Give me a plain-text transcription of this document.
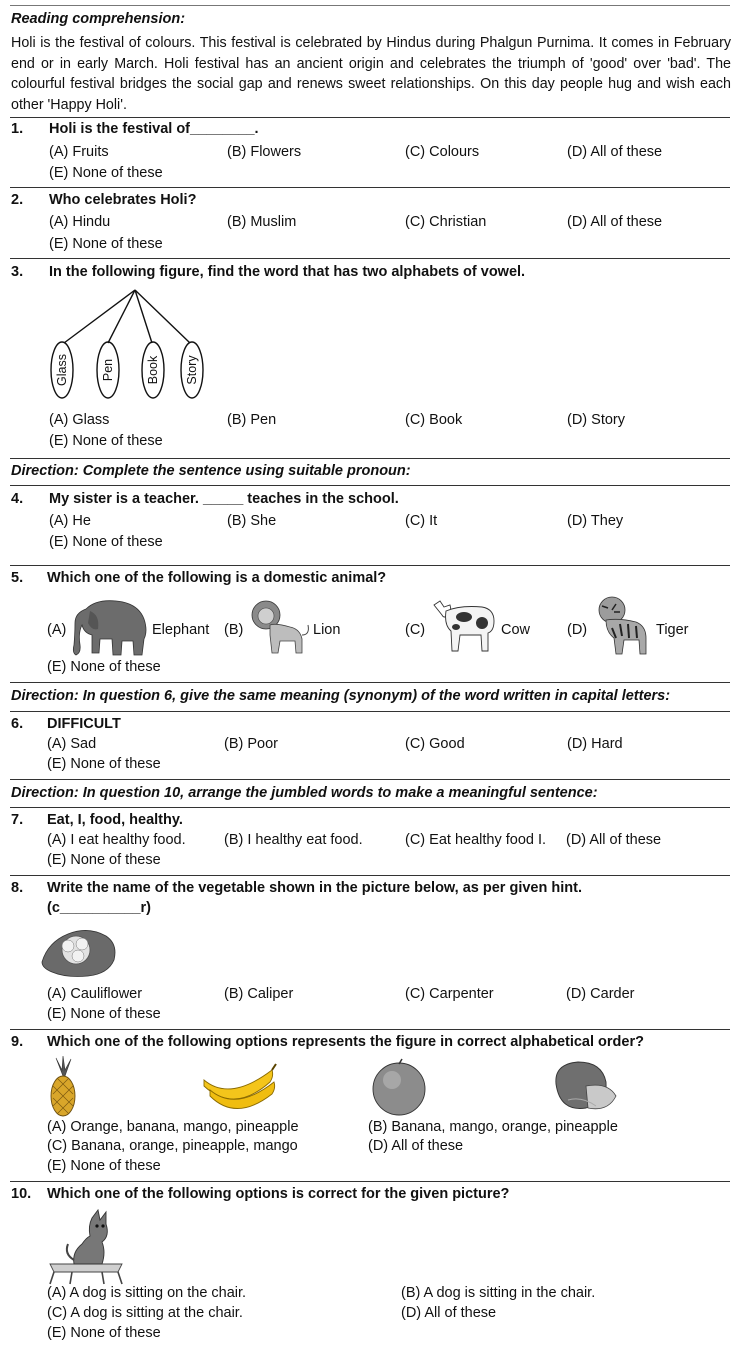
Reading comprehension:
Holi is the festival of colours. This festival is celebrated by Hindus during Phalgun Purnima. It comes in February end or in early March. Holi festival has an ancient origin and celebrates the triumph of 'good' over 'bad'. The colourful festival bridges the social gap and renews sweet relationships. On this day people hug and wish each other 'Happy Holi'.
1. Holi is the festival of________.
(A) Fruits	(B) Flowers	(C) Colours	(D) All of these
(E) None of these
2. Who celebrates Holi?
(A) Hindu	(B) Muslim	(C) Christian	(D) All of these
(E) None of these
3. In the following figure, find the word that has two alphabets of vowel.
Glass	Pen Book Story
(A) Glass	(B) Pen	(C) Book	(D) Story
(E) None of these
Direction: Complete the sentence using suitable pronoun:
4. My sister is a teacher. _____ teaches in the school.
(A) He	(B) She	(C) It	(D) They
(E) None of these
5. Which one of the following is a domestic animal?
(A)	Elephant (B)	Lion	(C)	Cow	(D)	Tiger
(E) None of these
Direction: In question 6, give the same meaning (synonym) of the word written in capital letters:
6. DIFFICULT
(A) Sad	(B) Poor	(C) Good	(D) Hard
(E) None of these
Direction: In question 10, arrange the jumbled words to make a meaningful sentence:
7. Eat, I, food, healthy.
(A) I eat healthy food.	(B) I healthy eat food.	(C) Eat healthy food I. (D) All of these
(E) None of these
8. Write the name of the vegetable shown in the picture below, as per given hint.
(c__________r)
(A) Cauliflower	(B) Caliper	(C) Carpenter	(D) Carder
(E) None of these
9. Which one of the following options represents the figure in correct alphabetical order?
(A) Orange, banana, mango, pineapple	(B) Banana, mango, orange, pineapple
(C) Banana, orange, pineapple, mango	(D) All of these
(E) None of these
10. Which one of the following options is correct for the given picture?
(A) A dog is sitting on the chair.	(B) A dog is sitting in the chair.
(C) A dog is sitting at the chair.	(D) All of these
(E) None of these
